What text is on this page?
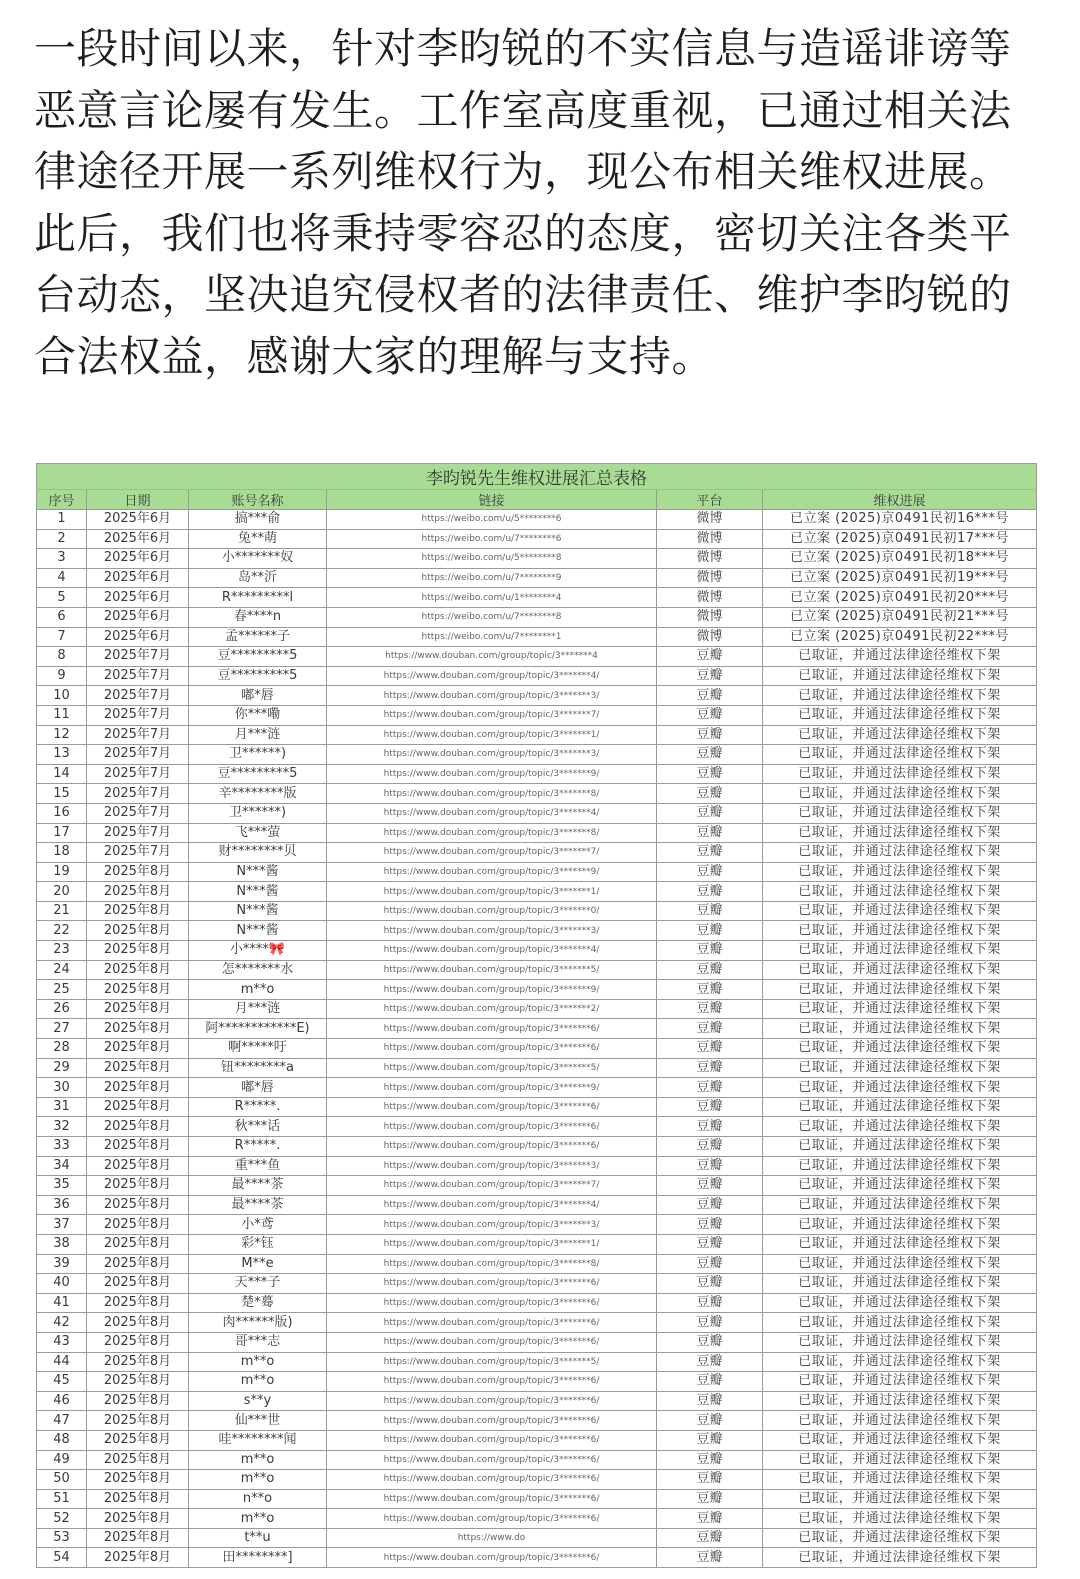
一段时间以来，针对李昀锐的不实信息与造谣诽谤等恶意言论屡有发生。工作室高度重视，已通过相关法律途径开展一系列维权行为，现公布相关维权进展。此后，我们也将秉持零容忍的态度，密切关注各类平台动态，坚决追究侵权者的法律责任、维护李昀锐的合法权益，感谢大家的理解与支持。

李昀锐先生维权进展汇总表格					
序号	日期	账号名称	链接	平台	维权进展
1	2025年6月	搞***俞	https://weibo.com/u/5********6	微博	已立案 (2025)京0491民初16***号
2	2025年6月	兔**萌	https://weibo.com/u/7********6	微博	已立案 (2025)京0491民初17***号
3	2025年6月	小*******奴	https://weibo.com/u/5********8	微博	已立案 (2025)京0491民初18***号
4	2025年6月	岛**沂	https://weibo.com/u/7********9	微博	已立案 (2025)京0491民初19***号
5	2025年6月	R*********l	https://weibo.com/u/1********4	微博	已立案 (2025)京0491民初20***号
6	2025年6月	春****n	https://weibo.com/u/7********8	微博	已立案 (2025)京0491民初21***号
7	2025年6月	孟******子	https://weibo.com/u/7********1	微博	已立案 (2025)京0491民初22***号
8	2025年7月	豆*********5	https://www.douban.com/group/topic/3*******4	豆瓣	已取证，并通过法律途径维权下架
9	2025年7月	豆*********5	https://www.douban.com/group/topic/3*******4/	豆瓣	已取证，并通过法律途径维权下架
10	2025年7月	嘟*唇	https://www.douban.com/group/topic/3*******3/	豆瓣	已取证，并通过法律途径维权下架
11	2025年7月	你***嘞	https://www.douban.com/group/topic/3*******7/	豆瓣	已取证，并通过法律途径维权下架
12	2025年7月	月***涟	https://www.douban.com/group/topic/3*******1/	豆瓣	已取证，并通过法律途径维权下架
13	2025年7月	卫******)	https://www.douban.com/group/topic/3*******3/	豆瓣	已取证，并通过法律途径维权下架
14	2025年7月	豆*********5	https://www.douban.com/group/topic/3*******9/	豆瓣	已取证，并通过法律途径维权下架
15	2025年7月	辛********版	https://www.douban.com/group/topic/3*******8/	豆瓣	已取证，并通过法律途径维权下架
16	2025年7月	卫******)	https://www.douban.com/group/topic/3*******4/	豆瓣	已取证，并通过法律途径维权下架
17	2025年7月	飞***萤	https://www.douban.com/group/topic/3*******8/	豆瓣	已取证，并通过法律途径维权下架
18	2025年7月	财********贝	https://www.douban.com/group/topic/3*******7/	豆瓣	已取证，并通过法律途径维权下架
19	2025年8月	N***酱	https://www.douban.com/group/topic/3*******9/	豆瓣	已取证，并通过法律途径维权下架
20	2025年8月	N***酱	https://www.douban.com/group/topic/3*******1/	豆瓣	已取证，并通过法律途径维权下架
21	2025年8月	N***酱	https://www.douban.com/group/topic/3*******0/	豆瓣	已取证，并通过法律途径维权下架
22	2025年8月	N***酱	https://www.douban.com/group/topic/3*******3/	豆瓣	已取证，并通过法律途径维权下架
23	2025年8月	小****🎀	https://www.douban.com/group/topic/3*******4/	豆瓣	已取证，并通过法律途径维权下架
24	2025年8月	怎*******水	https://www.douban.com/group/topic/3*******5/	豆瓣	已取证，并通过法律途径维权下架
25	2025年8月	m**o	https://www.douban.com/group/topic/3*******9/	豆瓣	已取证，并通过法律途径维权下架
26	2025年8月	月***涟	https://www.douban.com/group/topic/3*******2/	豆瓣	已取证，并通过法律途径维权下架
27	2025年8月	阿************E)	https://www.douban.com/group/topic/3*******6/	豆瓣	已取证，并通过法律途径维权下架
28	2025年8月	啊*****吁	https://www.douban.com/group/topic/3*******6/	豆瓣	已取证，并通过法律途径维权下架
29	2025年8月	钮********a	https://www.douban.com/group/topic/3*******5/	豆瓣	已取证，并通过法律途径维权下架
30	2025年8月	嘟*唇	https://www.douban.com/group/topic/3*******9/	豆瓣	已取证，并通过法律途径维权下架
31	2025年8月	R*****.	https://www.douban.com/group/topic/3*******6/	豆瓣	已取证，并通过法律途径维权下架
32	2025年8月	秋***话	https://www.douban.com/group/topic/3*******6/	豆瓣	已取证，并通过法律途径维权下架
33	2025年8月	R*****.	https://www.douban.com/group/topic/3*******6/	豆瓣	已取证，并通过法律途径维权下架
34	2025年8月	重***鱼	https://www.douban.com/group/topic/3*******3/	豆瓣	已取证，并通过法律途径维权下架
35	2025年8月	最****茶	https://www.douban.com/group/topic/3*******7/	豆瓣	已取证，并通过法律途径维权下架
36	2025年8月	最****茶	https://www.douban.com/group/topic/3*******4/	豆瓣	已取证，并通过法律途径维权下架
37	2025年8月	小*鸢	https://www.douban.com/group/topic/3*******3/	豆瓣	已取证，并通过法律途径维权下架
38	2025年8月	彩*钰	https://www.douban.com/group/topic/3*******1/	豆瓣	已取证，并通过法律途径维权下架
39	2025年8月	M**e	https://www.douban.com/group/topic/3*******8/	豆瓣	已取证，并通过法律途径维权下架
40	2025年8月	天***子	https://www.douban.com/group/topic/3*******6/	豆瓣	已取证，并通过法律途径维权下架
41	2025年8月	楚*蓦	https://www.douban.com/group/topic/3*******6/	豆瓣	已取证，并通过法律途径维权下架
42	2025年8月	肉******版)	https://www.douban.com/group/topic/3*******6/	豆瓣	已取证，并通过法律途径维权下架
43	2025年8月	哥***志	https://www.douban.com/group/topic/3*******6/	豆瓣	已取证，并通过法律途径维权下架
44	2025年8月	m**o	https://www.douban.com/group/topic/3*******5/	豆瓣	已取证，并通过法律途径维权下架
45	2025年8月	m**o	https://www.douban.com/group/topic/3*******6/	豆瓣	已取证，并通过法律途径维权下架
46	2025年8月	s**y	https://www.douban.com/group/topic/3*******6/	豆瓣	已取证，并通过法律途径维权下架
47	2025年8月	仙***世	https://www.douban.com/group/topic/3*******6/	豆瓣	已取证，并通过法律途径维权下架
48	2025年8月	哇********闻	https://www.douban.com/group/topic/3*******6/	豆瓣	已取证，并通过法律途径维权下架
49	2025年8月	m**o	https://www.douban.com/group/topic/3*******6/	豆瓣	已取证，并通过法律途径维权下架
50	2025年8月	m**o	https://www.douban.com/group/topic/3*******6/	豆瓣	已取证，并通过法律途径维权下架
51	2025年8月	n**o	https://www.douban.com/group/topic/3*******6/	豆瓣	已取证，并通过法律途径维权下架
52	2025年8月	m**o	https://www.douban.com/group/topic/3*******6/	豆瓣	已取证，并通过法律途径维权下架
53	2025年8月	t**u	https://www.do	豆瓣	已取证，并通过法律途径维权下架
54	2025年8月	田********]	https://www.douban.com/group/topic/3*******6/	豆瓣	已取证，并通过法律途径维权下架
